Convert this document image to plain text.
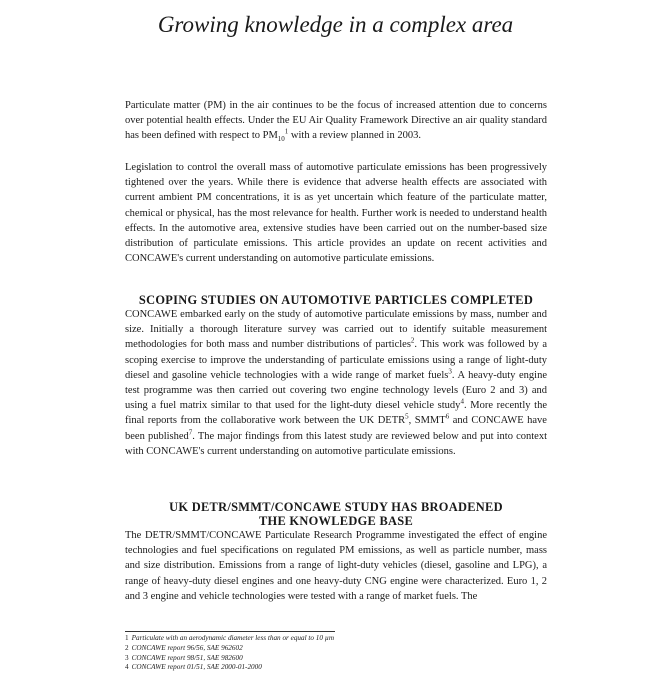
Growing knowledge in a complex area

Particulate matter (PM) in the air continues to be the focus of increased attention due to concerns over potential health effects. Under the EU Air Quality Framework Directive an air quality standard has been defined with respect to $PM_{10}^1$ with a review planned in 2003.

Legislation to control the overall mass of automotive particulate emissions has been progressively tightened over the years. While there is evidence that adverse health effects are associated with current ambient PM concentrations, it is as yet uncertain which feature of the particulate matter, chemical or physical, has the most relevance for health. Further work is needed to understand health effects. In the automotive area, extensive studies have been carried out on the number-based size distribution of particulate emissions. This article provides an update on recent activities and CONCAWE's current understanding on automotive particulate emissions.

SCOPING STUDIES ON AUTOMOTIVE PARTICLES COMPLETED

CONCAWE embarked early on the study of automotive particulate emissions by mass, number and size. Initially a thorough literature survey was carried out to identify suitable measurement methodologies for both mass and number distributions of particles$^2$. This work was followed by a scoping exercise to improve the understanding of particulate emissions using a range of light-duty diesel and gasoline vehicle technologies with a wide range of market fuels$^3$. A heavy-duty engine test programme was then carried out covering two engine technology levels (Euro 2 and 3) and using a fuel matrix similar to that used for the light-duty diesel vehicle study$^4$. More recently the final reports from the collaborative work between the UK DETR$^5$, SMMT$^6$ and CONCAWE have been published$^7$. The major findings from this latest study are reviewed below and put into context with CONCAWE's current understanding on automotive particulate emissions.

UK DETR/SMMT/CONCAWE STUDY HAS BROADENED
THE KNOWLEDGE BASE

The DETR/SMMT/CONCAWE Particulate Research Programme investigated the effect of engine technologies and fuel specifications on regulated PM emissions, as well as particle number, mass and size distribution. Emissions from a range of light-duty vehicles (diesel, gasoline and LPG), a range of heavy-duty diesel engines and one heavy-duty CNG engine were characterized. Euro 1, 2 and 3 engine and vehicle technologies were tested with a range of market fuels. The

1 Particulate with an aerodynamic diameter less than or equal to 10 µm
2 CONCAWE report 96/56, SAE 962602
3 CONCAWE report 98/51, SAE 982600
4 CONCAWE report 01/51, SAE 2000-01-2000
